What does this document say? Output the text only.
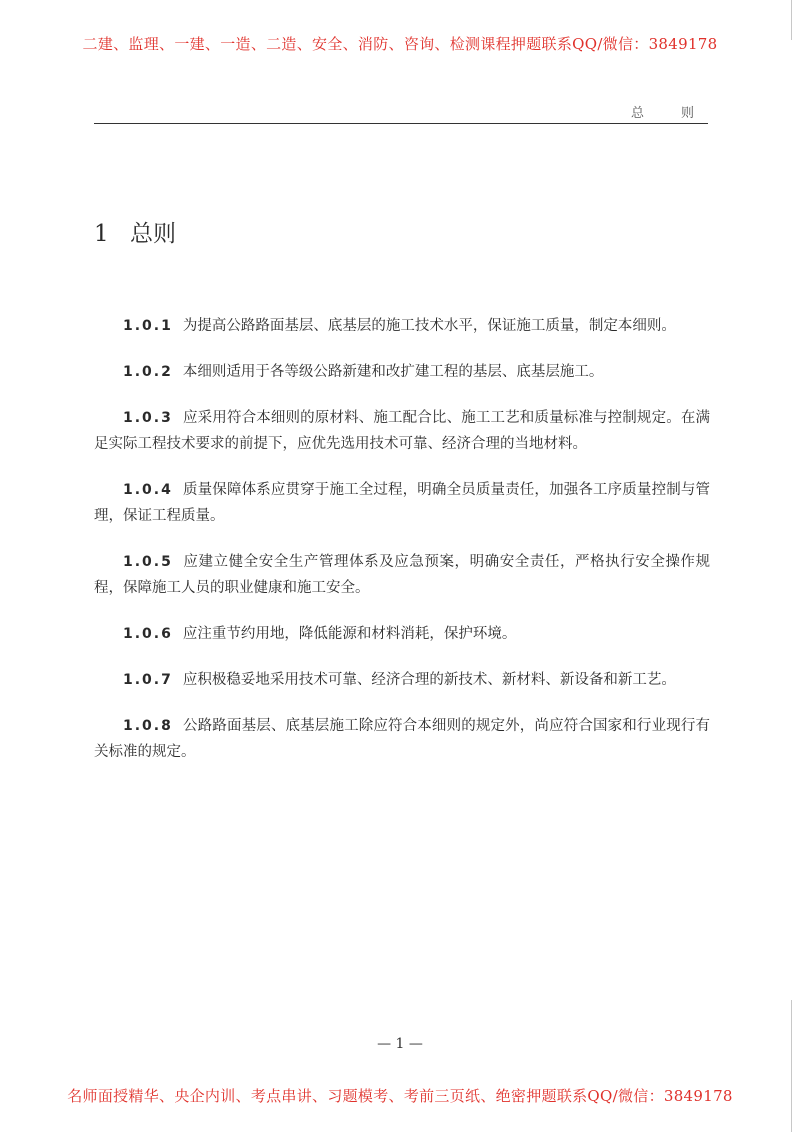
二建、监理、一建、一造、二造、安全、消防、咨询、检测课程押题联系QQ/微信：3849178
总　则
1 总则

1.0.1 为提高公路路面基层、底基层的施工技术水平，保证施工质量，制定本细则。

1.0.2 本细则适用于各等级公路新建和改扩建工程的基层、底基层施工。

1.0.3 应采用符合本细则的原材料、施工配合比、施工工艺和质量标准与控制规定。在满足实际工程技术要求的前提下，应优先选用技术可靠、经济合理的当地材料。

1.0.4 质量保障体系应贯穿于施工全过程，明确全员质量责任，加强各工序质量控制与管理，保证工程质量。

1.0.5 应建立健全安全生产管理体系及应急预案，明确安全责任，严格执行安全操作规程，保障施工人员的职业健康和施工安全。

1.0.6 应注重节约用地，降低能源和材料消耗，保护环境。

1.0.7 应积极稳妥地采用技术可靠、经济合理的新技术、新材料、新设备和新工艺。

1.0.8 公路路面基层、底基层施工除应符合本细则的规定外，尚应符合国家和行业现行有关标准的规定。

— 1 —
名师面授精华、央企内训、考点串讲、习题模考、考前三页纸、绝密押题联系QQ/微信：3849178
